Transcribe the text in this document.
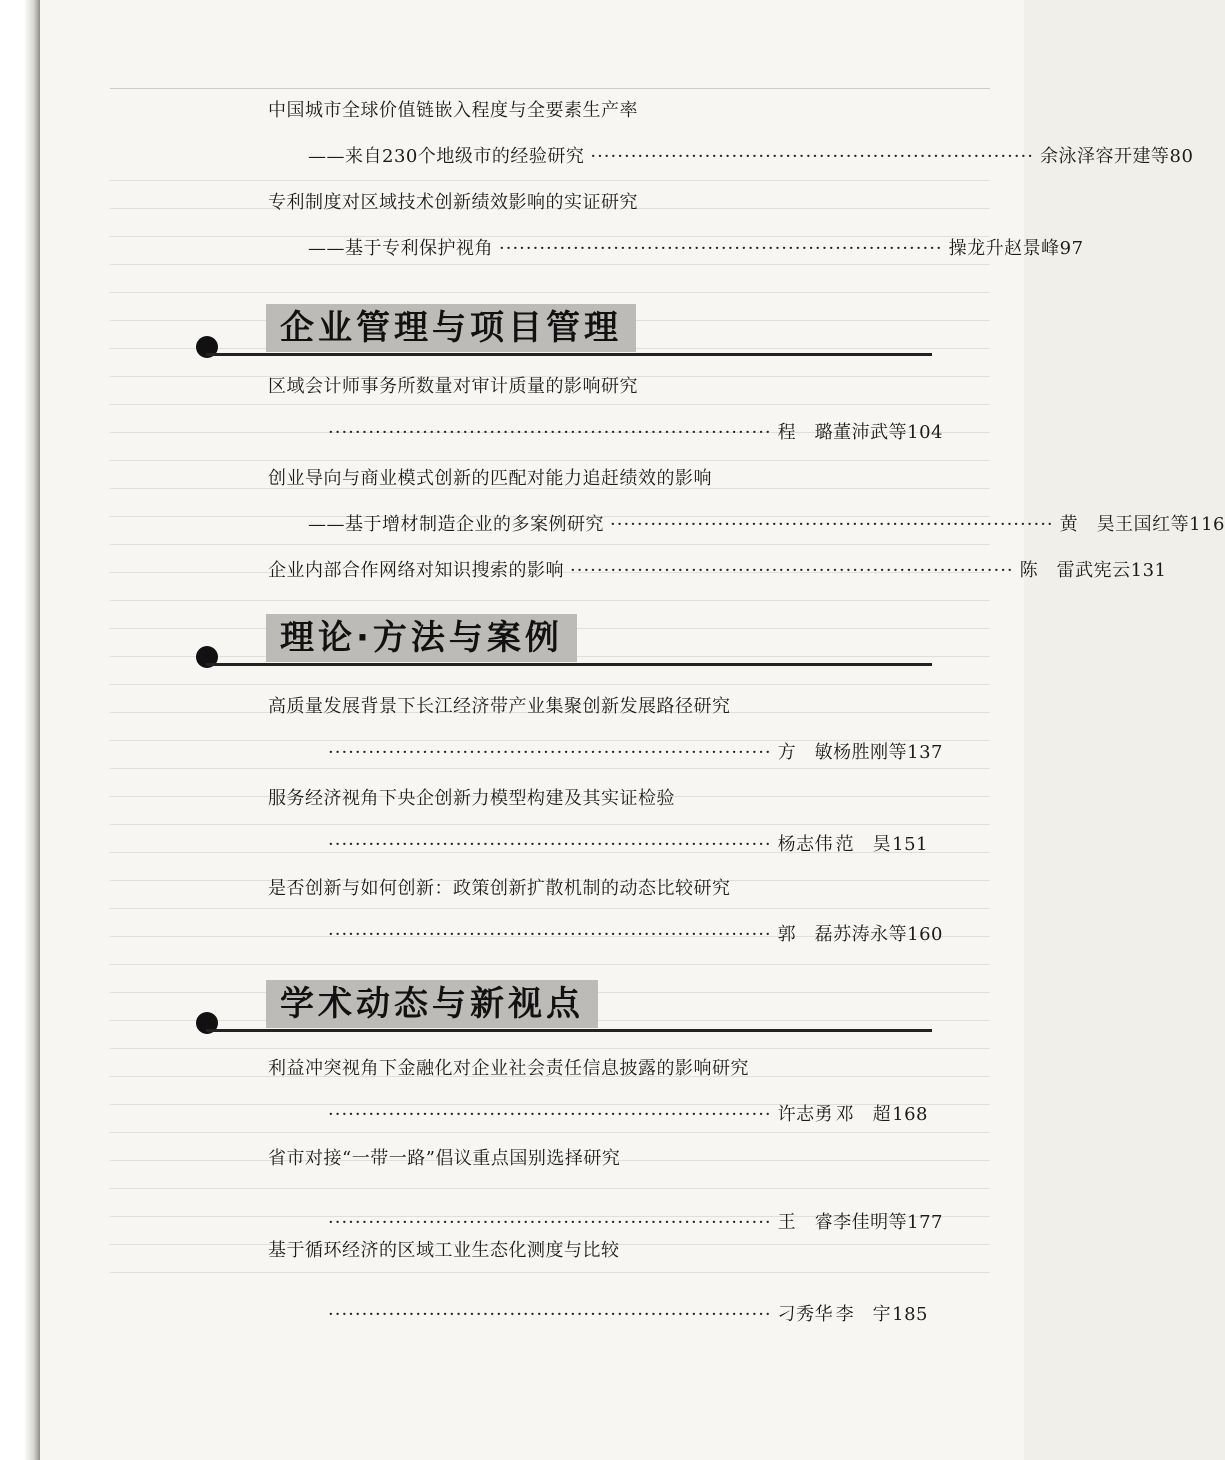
中国城市全球价值链嵌入程度与全要素生产率
——来自230个地级市的经验研究 ·································································· 余泳泽 容开建等 80
专利制度对区域技术创新绩效影响的实证研究
——基于专利保护视角 ·································································· 操龙升 赵景峰 97
企业管理与项目管理
区域会计师事务所数量对审计质量的影响研究
·································································· 程　璐 董沛武等 104
创业导向与商业模式创新的匹配对能力追赶绩效的影响
——基于增材制造企业的多案例研究 ·································································· 黄　昊 王国红等 116
企业内部合作网络对知识搜索的影响 ·································································· 陈　雷 武宪云 131
理论·方法与案例
高质量发展背景下长江经济带产业集聚创新发展路径研究
·································································· 方　敏 杨胜刚等 137
服务经济视角下央企创新力模型构建及其实证检验
·································································· 杨志伟 范　昊 151
是否创新与如何创新：政策创新扩散机制的动态比较研究
·································································· 郭　磊 苏涛永等 160
学术动态与新视点
利益冲突视角下金融化对企业社会责任信息披露的影响研究
·································································· 许志勇 邓　超 168
省市对接“一带一路”倡议重点国别选择研究
·································································· 王　睿 李佳明等 177
基于循环经济的区域工业生态化测度与比较
·································································· 刁秀华 李　宇 185
